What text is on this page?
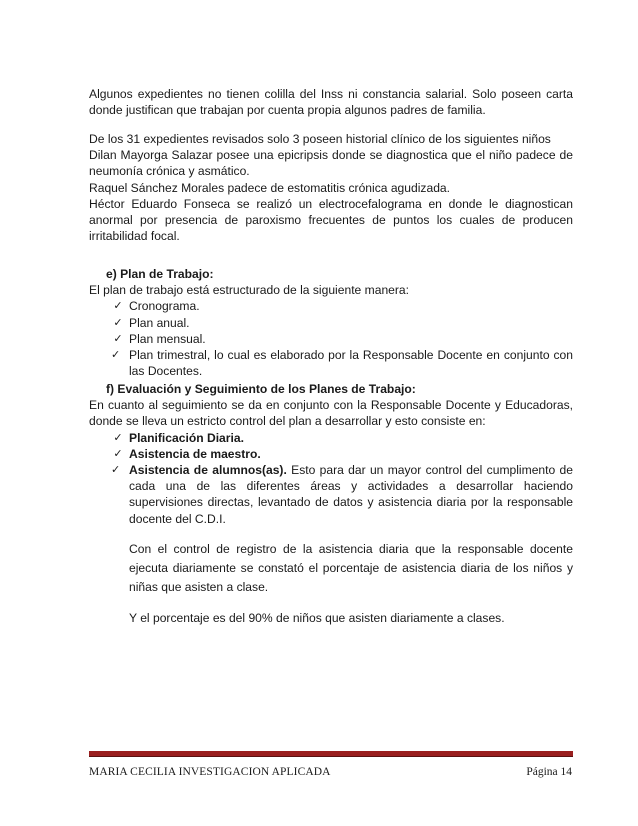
Algunos expedientes no tienen colilla del Inss ni constancia salarial. Solo poseen carta donde justifican que trabajan por cuenta propia algunos padres de familia.

De los 31 expedientes revisados solo 3 poseen historial clínico de los siguientes niños

Dilan Mayorga Salazar posee una epicripsis donde se diagnostica que el niño padece de neumonía crónica y asmático.

Raquel Sánchez Morales padece de estomatitis crónica agudizada.

Héctor Eduardo Fonseca se realizó un electrocefalograma en donde le diagnostican anormal por presencia de paroxismo frecuentes de puntos los cuales de producen irritabilidad focal.

e) Plan de Trabajo:

El plan de trabajo está estructurado de la siguiente manera:

✓ Cronograma.
✓ Plan anual.
✓ Plan mensual.
✓ Plan trimestral, lo cual es elaborado por la Responsable Docente en conjunto con las Docentes.

f) Evaluación y Seguimiento de los Planes de Trabajo:

En cuanto al seguimiento se da en conjunto con la Responsable Docente y Educadoras, donde se lleva un estricto control del plan a desarrollar y esto consiste en:

✓ Planificación Diaria.
✓ Asistencia de maestro.
✓ Asistencia de alumnos(as). Esto para dar un mayor control del cumplimento de cada una de las diferentes áreas y actividades a desarrollar haciendo supervisiones directas, levantado de datos y asistencia diaria por la responsable docente del C.D.I.

Con el control de registro de la asistencia diaria que la responsable docente ejecuta diariamente se constató el porcentaje de asistencia diaria de los niños y niñas que asisten a clase.

Y el porcentaje es del 90% de niños que asisten diariamente a clases.

MARIA CECILIA INVESTIGACION APLICADA	Página 14
